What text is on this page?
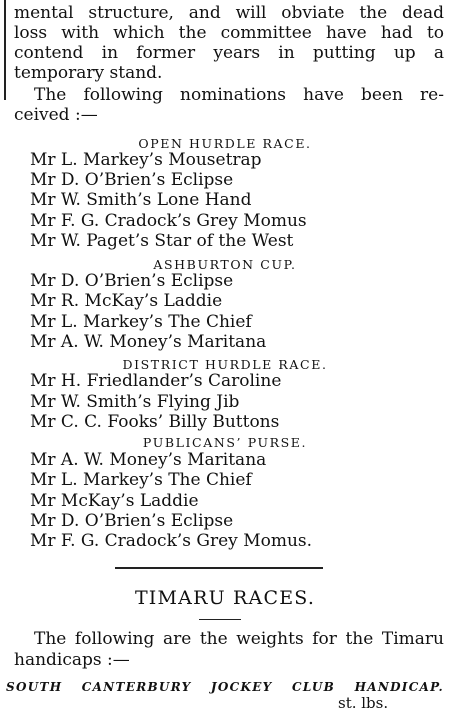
mental structure, and will obviate the dead
loss with which the committee have had to
contend in former years in putting up a
temporary stand.
The following nominations have been re-
ceived :—
OPEN HURDLE RACE.
Mr L. Markey’s Mousetrap
Mr D. O’Brien’s Eclipse
Mr W. Smith’s Lone Hand
Mr F. G. Cradock’s Grey Momus
Mr W. Paget’s Star of the West
ASHBURTON CUP.
Mr D. O’Brien’s Eclipse
Mr R. McKay’s Laddie
Mr L. Markey’s The Chief
Mr A. W. Money’s Maritana
DISTRICT HURDLE RACE.
Mr H. Friedlander’s Caroline
Mr W. Smith’s Flying Jib
Mr C. C. Fooks’ Billy Buttons
PUBLICANS’ PURSE.
Mr A. W. Money’s Maritana
Mr L. Markey’s The Chief
Mr McKay’s Laddie
Mr D. O’Brien’s Eclipse
Mr F. G. Cradock’s Grey Momus.
TIMARU RACES.
The following are the weights for the Timaru
handicaps :—
SOUTH CANTERBURY JOCKEY CLUB HANDICAP.
st. lbs.
